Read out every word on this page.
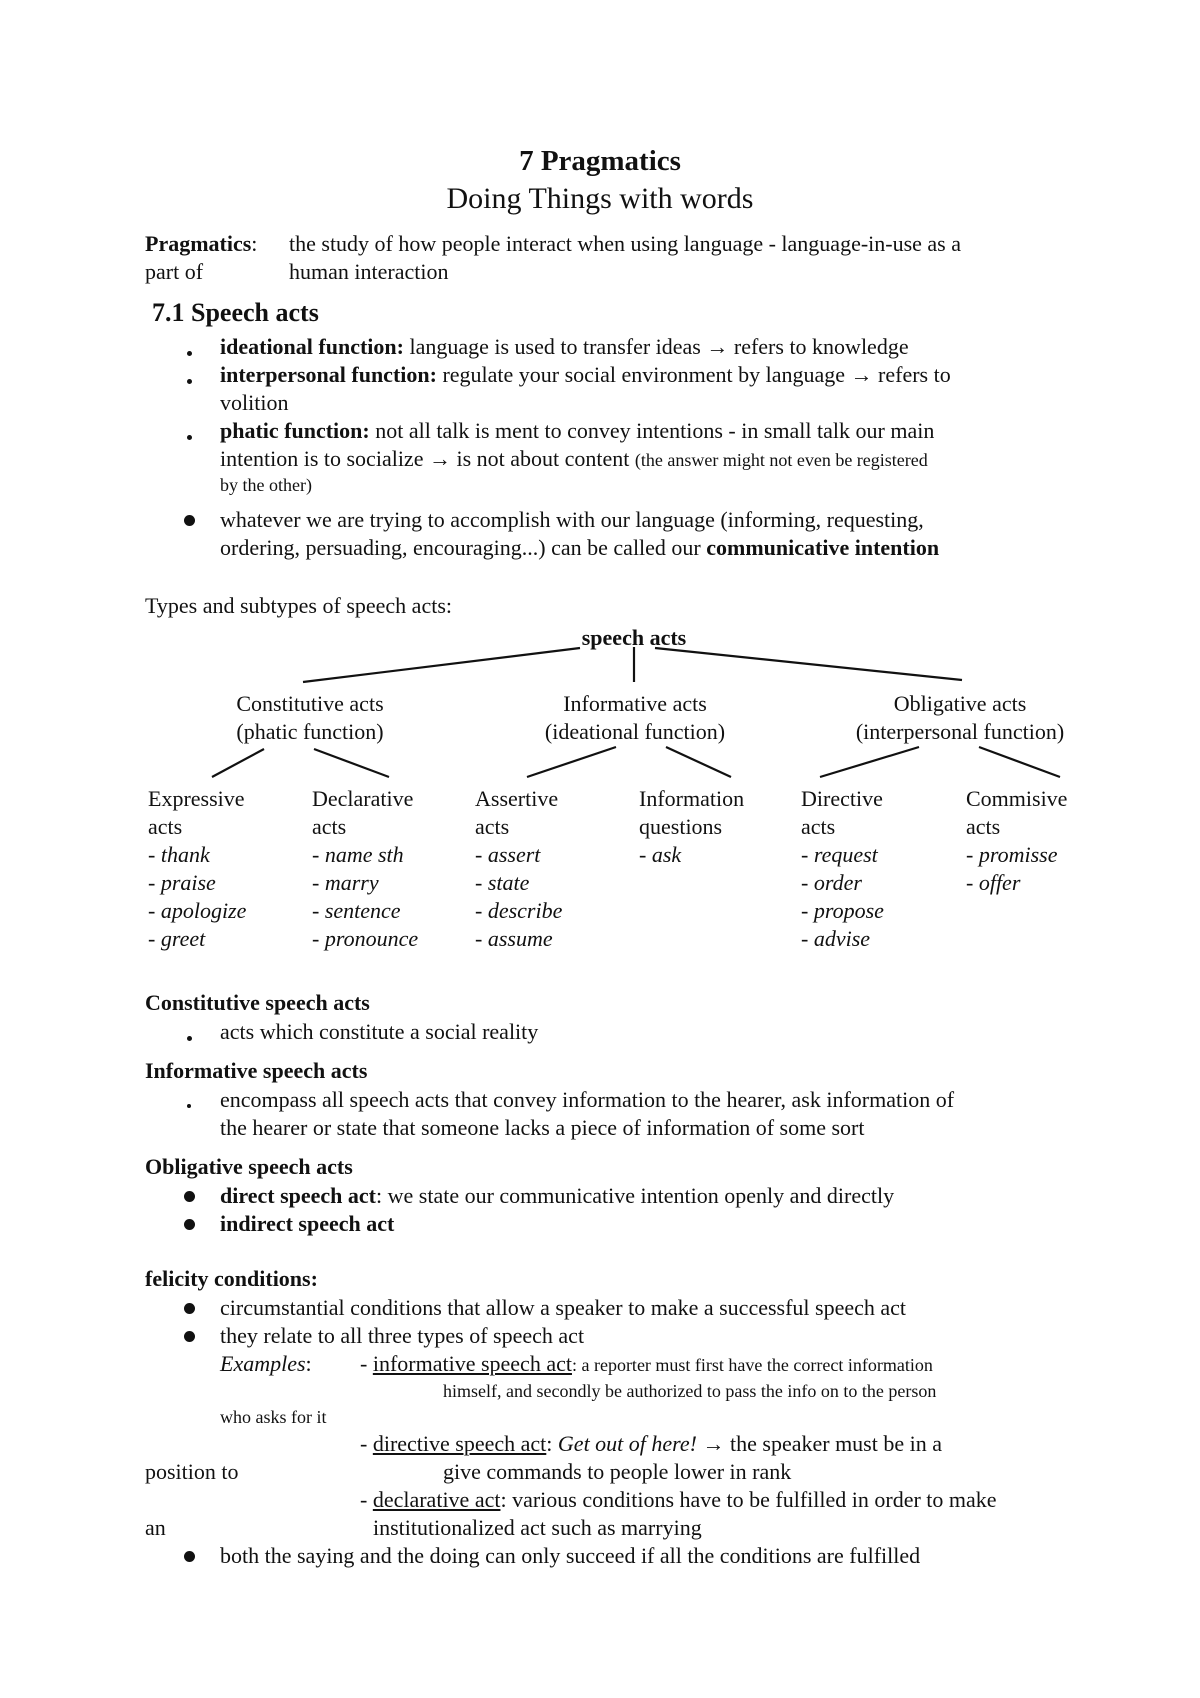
7 Pragmatics
Doing Things with words
Pragmatics: the study of how people interact when using language - language-in-use as a
part of	human interaction
7.1 Speech acts
ideational function: language is used to transfer ideas → refers to knowledge
interpersonal function: regulate your social environment by language → refers to
volition
phatic function: not all talk is ment to convey intentions - in small talk our main
intention is to socialize → is not about content (the answer might not even be registered
by the other)
whatever we are trying to accomplish with our language (informing, requesting,
ordering, persuading, encouraging...) can be called our communicative intention
Types and subtypes of speech acts:
speech acts
Constitutive acts
(phatic function)
Informative acts
(ideational function)
Obligative acts
(interpersonal function)
Expressive
acts
- thank
- praise
- apologize
- greet
Declarative
acts
- name sth
- marry
- sentence
- pronounce
Assertive
acts
- assert
- state
- describe
- assume
Information
questions
- ask
Directive
acts
- request
- order
- propose
- advise
Commisive
acts
- promisse
- offer
Constitutive speech acts
acts which constitute a social reality
Informative speech acts
encompass all speech acts that convey information to the hearer, ask information of
the hearer or state that someone lacks a piece of information of some sort
Obligative speech acts
direct speech act: we state our communicative intention openly and directly
indirect speech act
felicity conditions:
circumstantial conditions that allow a speaker to make a successful speech act
they relate to all three types of speech act
Examples: - informative speech act: a reporter must first have the correct information
himself, and secondly be authorized to pass the info on to the person
who asks for it
- directive speech act: Get out of here! → the speaker must be in a
position to	give commands to people lower in rank
- declarative act: various conditions have to be fulfilled in order to make
an	institutionalized act such as marrying
both the saying and the doing can only succeed if all the conditions are fulfilled
